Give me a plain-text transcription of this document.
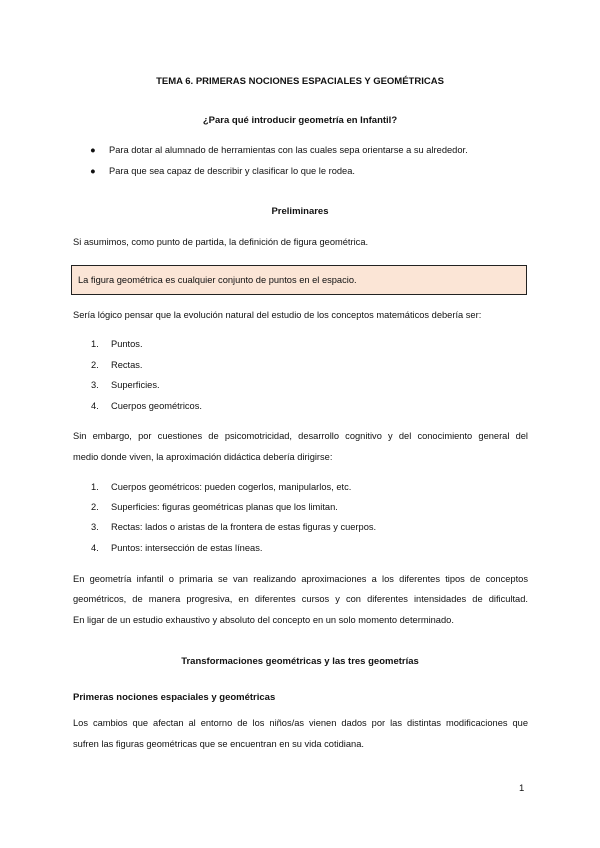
TEMA 6. PRIMERAS NOCIONES ESPACIALES Y GEOMÉTRICAS
¿Para qué introducir geometría en Infantil?
● Para dotar al alumnado de herramientas con las cuales sepa orientarse a su alrededor.
● Para que sea capaz de describir y clasificar lo que le rodea.
Preliminares
Si asumimos, como punto de partida, la definición de figura geométrica.
La figura geométrica es cualquier conjunto de puntos en el espacio.
Sería lógico pensar que la evolución natural del estudio de los conceptos matemáticos debería ser:
1. Puntos.
2. Rectas.
3. Superficies.
4. Cuerpos geométricos.
Sin embargo, por cuestiones de psicomotricidad, desarrollo cognitivo y del conocimiento general del
medio donde viven, la aproximación didáctica debería dirigirse:
1. Cuerpos geométricos: pueden cogerlos, manipularlos, etc.
2. Superficies: figuras geométricas planas que los limitan.
3. Rectas: lados o aristas de la frontera de estas figuras y cuerpos.
4. Puntos: intersección de estas líneas.
En geometría infantil o primaria se van realizando aproximaciones a los diferentes tipos de conceptos
geométricos, de manera progresiva, en diferentes cursos y con diferentes intensidades de dificultad.
En ligar de un estudio exhaustivo y absoluto del concepto en un solo momento determinado.
Transformaciones geométricas y las tres geometrías
Primeras nociones espaciales y geométricas
Los cambios que afectan al entorno de los niños/as vienen dados por las distintas modificaciones que
sufren las figuras geométricas que se encuentran en su vida cotidiana.
1
